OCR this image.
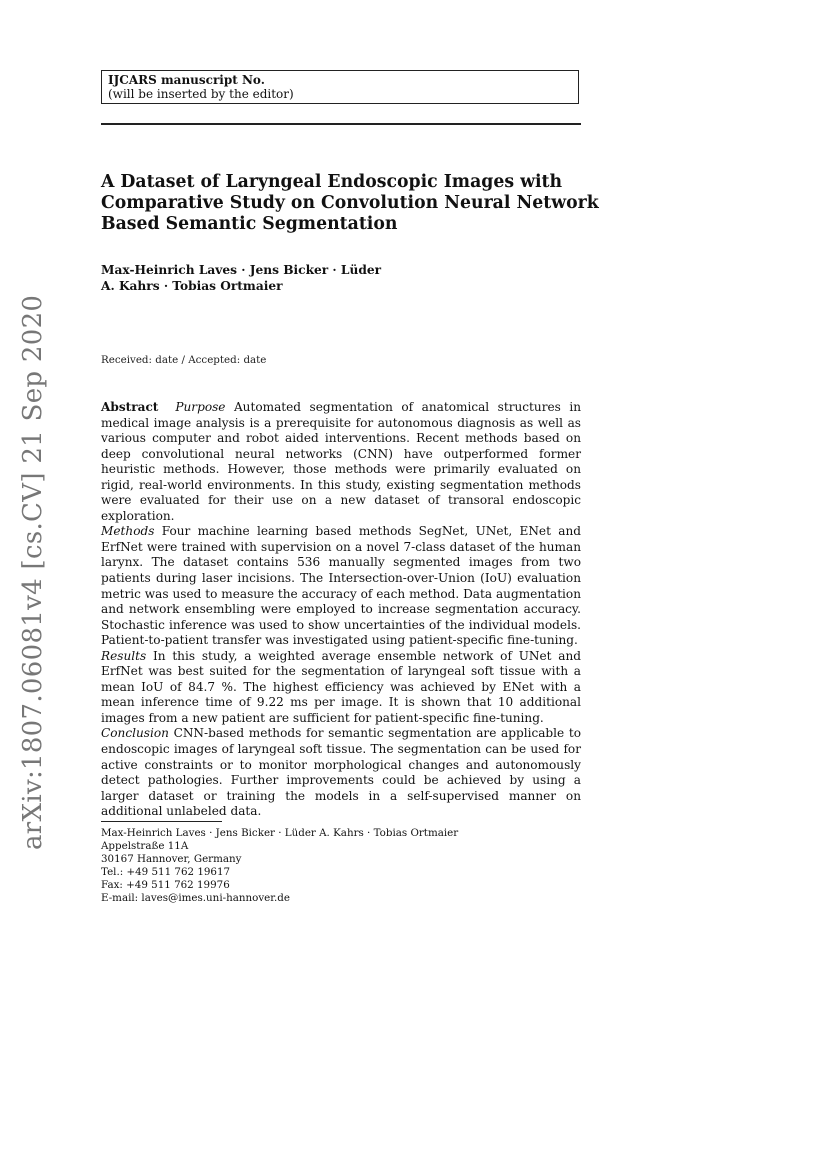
IJCARS manuscript No.
(will be inserted by the editor)
A Dataset of Laryngeal Endoscopic Images with
Comparative Study on Convolution Neural Network
Based Semantic Segmentation
Max-Heinrich Laves · Jens Bicker · Lüder
A. Kahrs · Tobias Ortmaier
Received: date / Accepted: date

Abstract Purpose Automated segmentation of anatomical structures in medical image analysis is a prerequisite for autonomous diagnosis as well as various computer and robot aided interventions. Recent methods based on deep convolutional neural networks (CNN) have outperformed former heuristic methods. However, those methods were primarily evaluated on rigid, real-world environments. In this study, existing segmentation methods were evaluated for their use on a new dataset of transoral endoscopic exploration.

Methods Four machine learning based methods SegNet, UNet, ENet and ErfNet were trained with supervision on a novel 7-class dataset of the human larynx. The dataset contains 536 manually segmented images from two patients during laser incisions. The Intersection-over-Union (IoU) evaluation metric was used to measure the accuracy of each method. Data augmentation and network ensembling were employed to increase segmentation accuracy. Stochastic inference was used to show uncertainties of the individual models. Patient-to-patient transfer was investigated using patient-specific fine-tuning.

Results In this study, a weighted average ensemble network of UNet and ErfNet was best suited for the segmentation of laryngeal soft tissue with a mean IoU of 84.7 %. The highest efficiency was achieved by ENet with a mean inference time of 9.22 ms per image. It is shown that 10 additional images from a new patient are sufficient for patient-specific fine-tuning.

Conclusion CNN-based methods for semantic segmentation are applicable to endoscopic images of laryngeal soft tissue. The segmentation can be used for active constraints or to monitor morphological changes and autonomously detect pathologies. Further improvements could be achieved by using a larger dataset or training the models in a self-supervised manner on additional unlabeled data.

Max-Heinrich Laves · Jens Bicker · Lüder A. Kahrs · Tobias Ortmaier
Appelstraße 11A
30167 Hannover, Germany
Tel.: +49 511 762 19617
Fax: +49 511 762 19976
E-mail: laves@imes.uni-hannover.de
arXiv:1807.06081v4 [cs.CV] 21 Sep 2020
